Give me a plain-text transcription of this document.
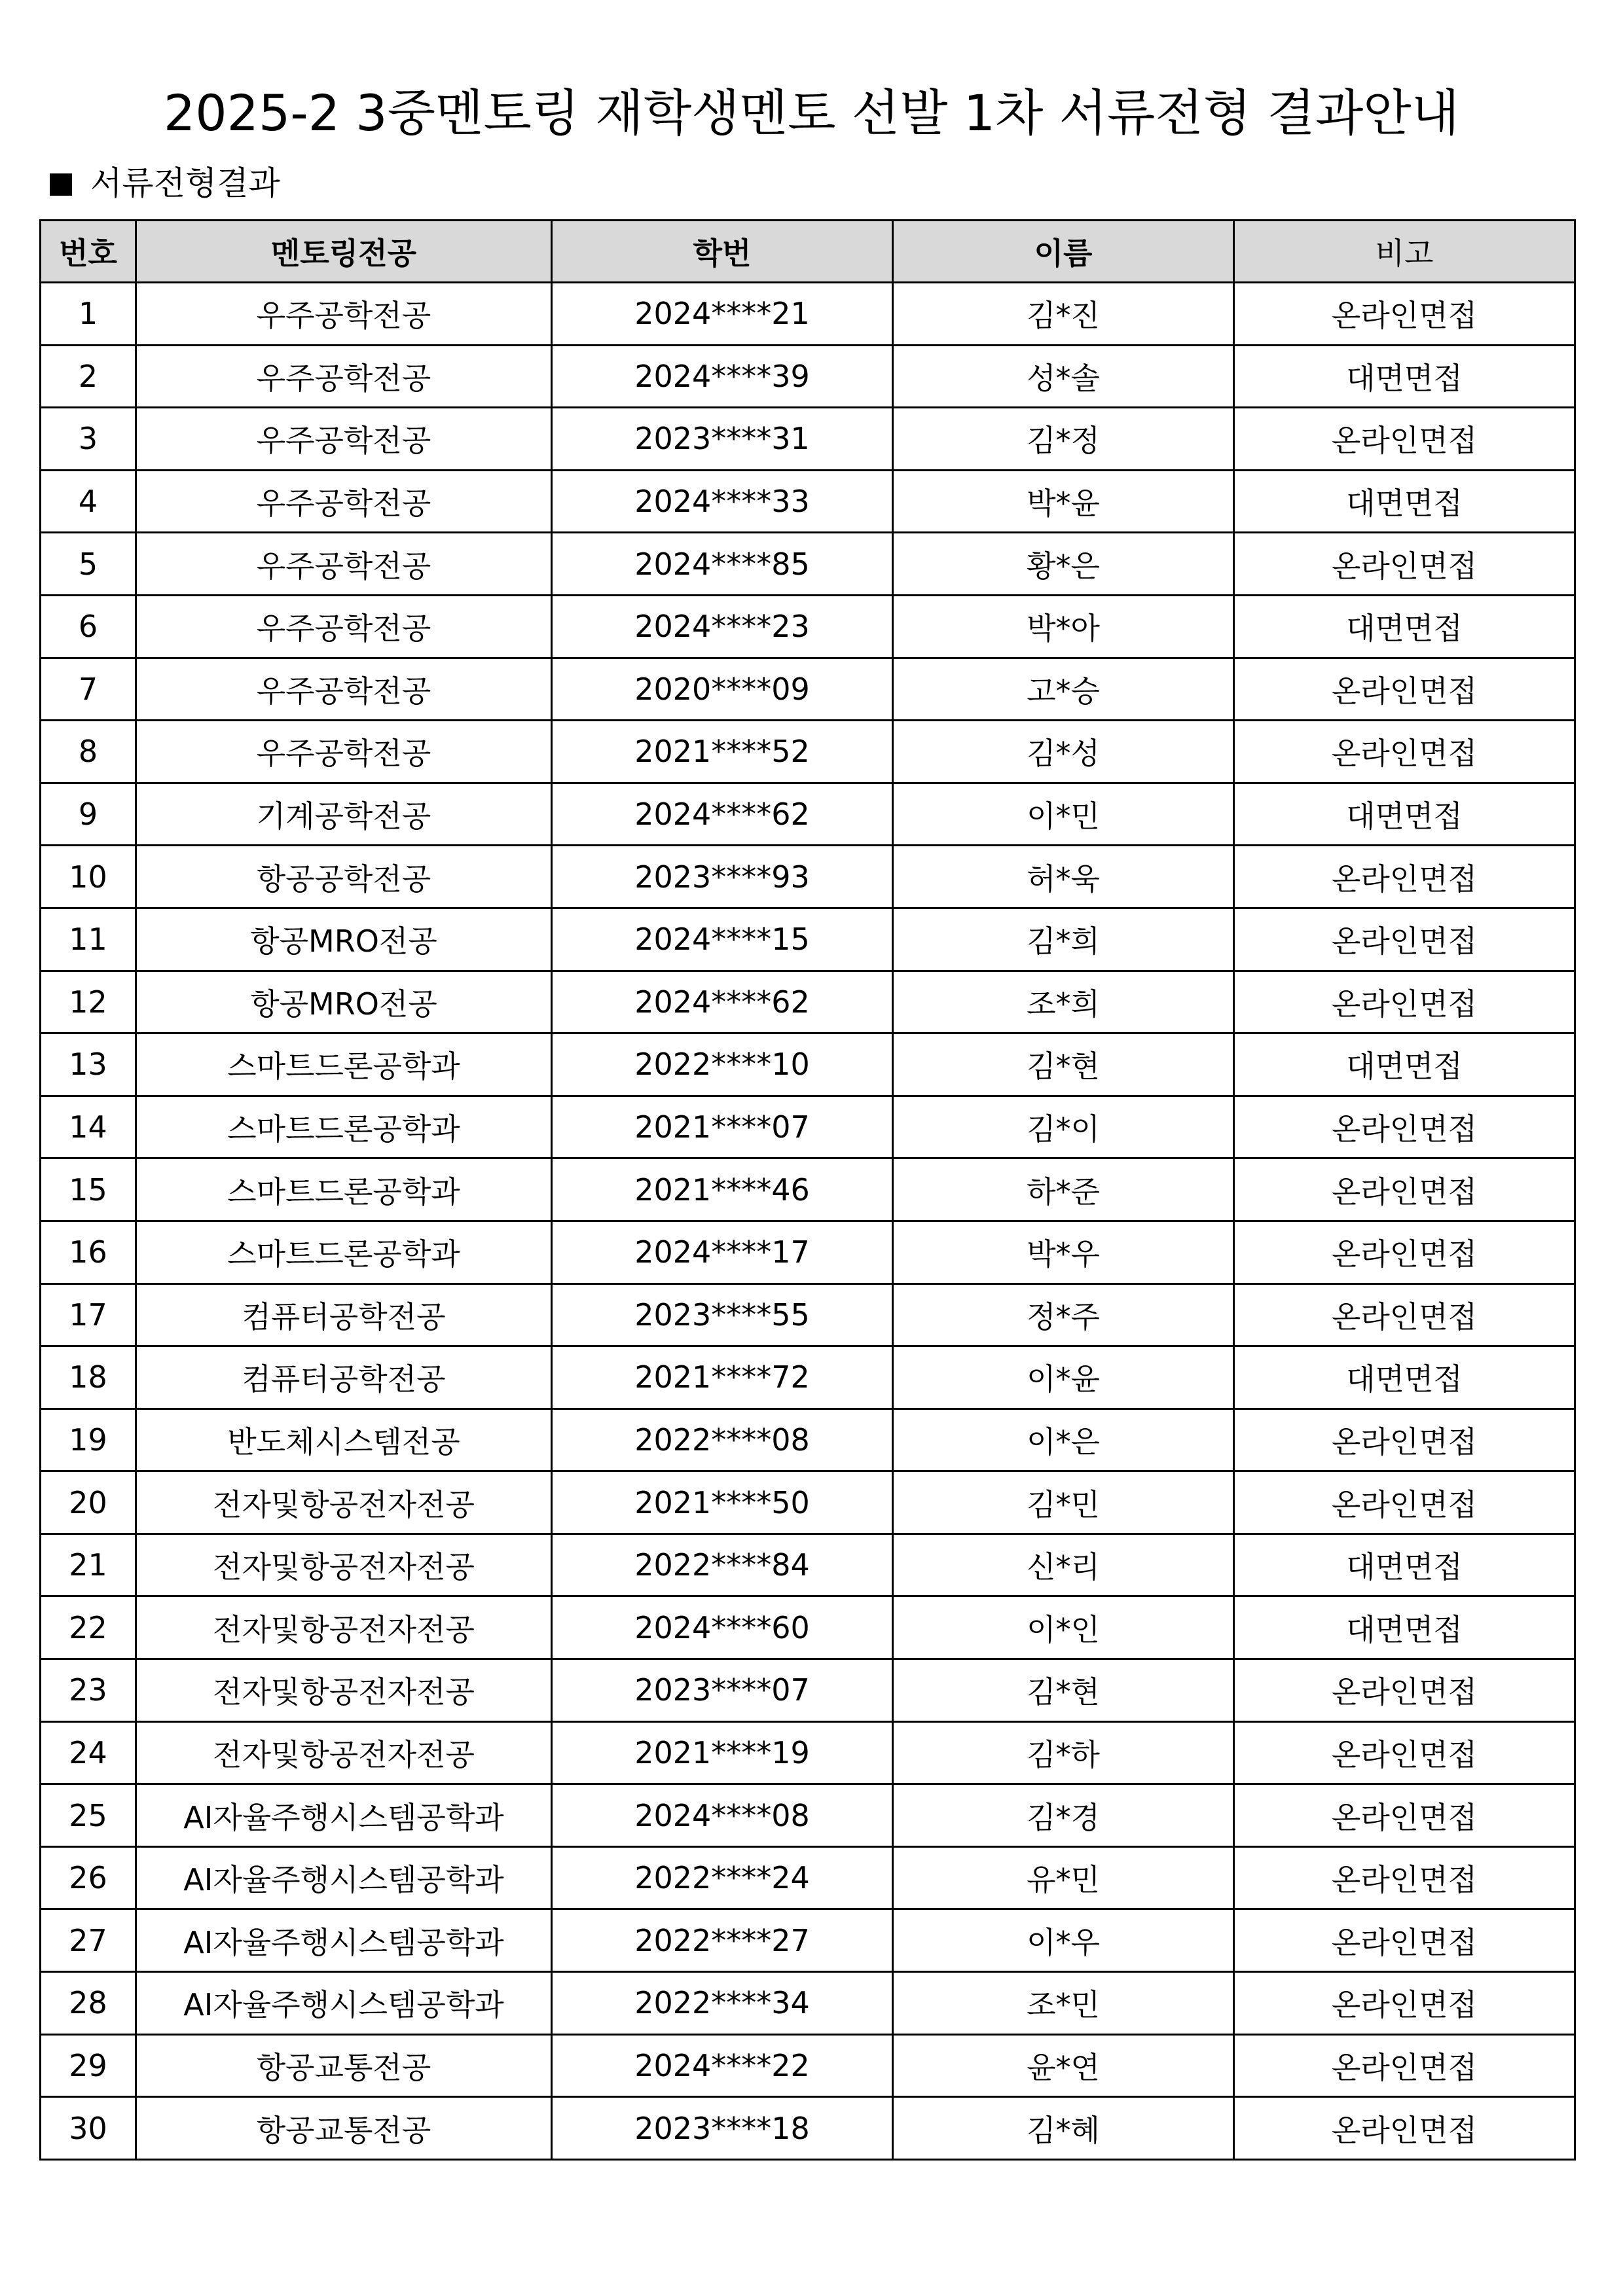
2025-2 3중멘토링 재학생멘토 선발 1차 서류전형 결과안내
서류전형결과
번호	멘토링전공	학번	이름	비고
1	우주공학전공	2024****21	김*진	온라인면접
2	우주공학전공	2024****39	성*솔	대면면접
3	우주공학전공	2023****31	김*정	온라인면접
4	우주공학전공	2024****33	박*윤	대면면접
5	우주공학전공	2024****85	황*은	온라인면접
6	우주공학전공	2024****23	박*아	대면면접
7	우주공학전공	2020****09	고*승	온라인면접
8	우주공학전공	2021****52	김*성	온라인면접
9	기계공학전공	2024****62	이*민	대면면접
10	항공공학전공	2023****93	허*욱	온라인면접
11	항공MRO전공	2024****15	김*희	온라인면접
12	항공MRO전공	2024****62	조*희	온라인면접
13	스마트드론공학과	2022****10	김*현	대면면접
14	스마트드론공학과	2021****07	김*이	온라인면접
15	스마트드론공학과	2021****46	하*준	온라인면접
16	스마트드론공학과	2024****17	박*우	온라인면접
17	컴퓨터공학전공	2023****55	정*주	온라인면접
18	컴퓨터공학전공	2021****72	이*윤	대면면접
19	반도체시스템전공	2022****08	이*은	온라인면접
20	전자및항공전자전공	2021****50	김*민	온라인면접
21	전자및항공전자전공	2022****84	신*리	대면면접
22	전자및항공전자전공	2024****60	이*인	대면면접
23	전자및항공전자전공	2023****07	김*현	온라인면접
24	전자및항공전자전공	2021****19	김*하	온라인면접
25	AI자율주행시스템공학과	2024****08	김*경	온라인면접
26	AI자율주행시스템공학과	2022****24	유*민	온라인면접
27	AI자율주행시스템공학과	2022****27	이*우	온라인면접
28	AI자율주행시스템공학과	2022****34	조*민	온라인면접
29	항공교통전공	2024****22	윤*연	온라인면접
30	항공교통전공	2023****18	김*혜	온라인면접
